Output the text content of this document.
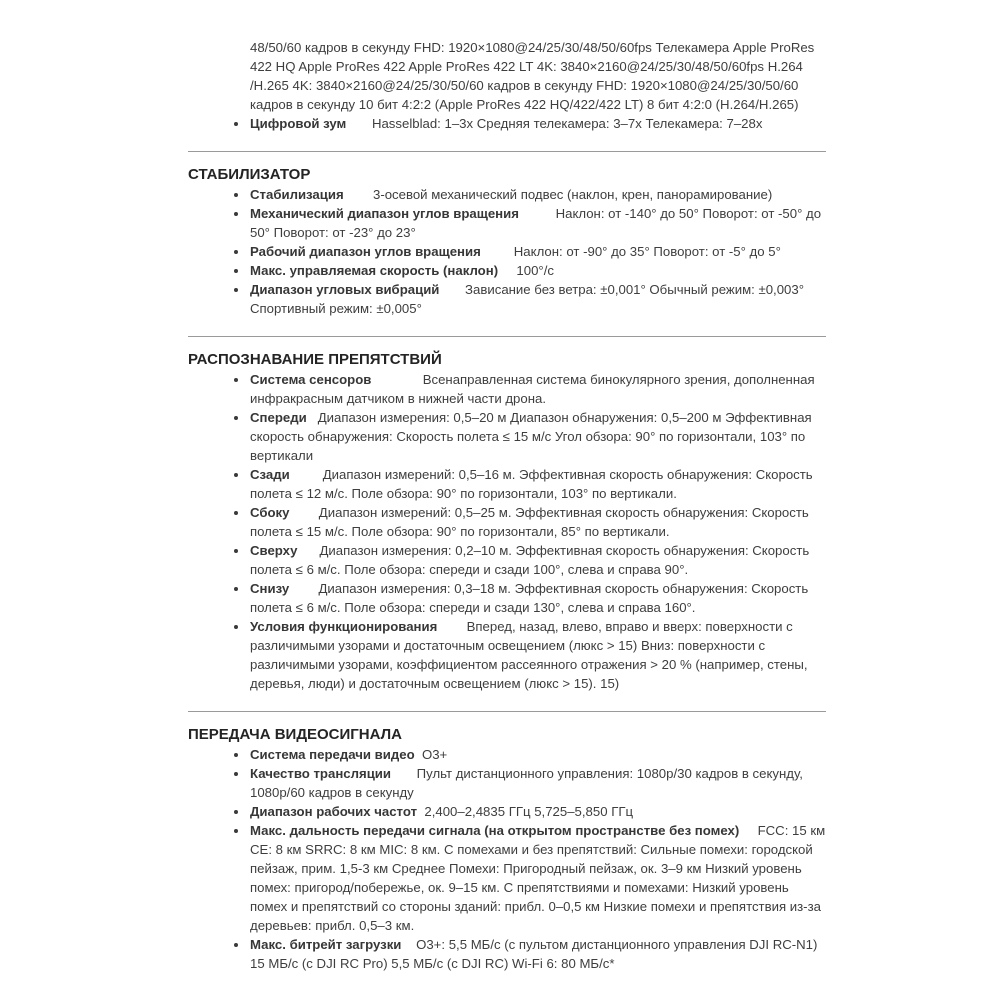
48/50/60 кадров в секунду FHD: 1920×1080@24/25/30/48/50/60fps Телекамера Apple ProRes 422 HQ Apple ProRes 422 Apple ProRes 422 LT 4K: 3840×2160@24/25/30/48/50/60fps H.264 /H.265 4K: 3840×2160@24/25/30/50/60 кадров в секунду FHD: 1920×1080@24/25/30/50/60 кадров в секунду 10 бит 4:2:2 (Apple ProRes 422 HQ/422/422 LT) 8 бит 4:2:0 (H.264/H.265)

Цифровой зум       Hasselblad: 1–3x Средняя телекамера: 3–7x Телекамера: 7–28x
СТАБИЛИЗАТОР
Стабилизация        3-осевой механический подвес (наклон, крен, панорамирование)
Механический диапазон углов вращения          Наклон: от -140° до 50° Поворот: от -50° до 50° Поворот: от -23° до 23°
Рабочий диапазон углов вращения         Наклон: от -90° до 35° Поворот: от -5° до 5°
Макс. управляемая скорость (наклон)     100°/с
Диапазон угловых вибраций       Зависание без ветра: ±0,001° Обычный режим: ±0,003° Спортивный режим: ±0,005°
РАСПОЗНАВАНИЕ ПРЕПЯТСТВИЙ
Система сенсоров              Всенаправленная система бинокулярного зрения, дополненная инфракрасным датчиком в нижней части дрона.
Спереди   Диапазон измерения: 0,5–20 м Диапазон обнаружения: 0,5–200 м Эффективная скорость обнаружения: Скорость полета ≤ 15 м/с Угол обзора: 90° по горизонтали, 103° по вертикали
Сзади         Диапазон измерений: 0,5–16 м. Эффективная скорость обнаружения: Скорость полета ≤ 12 м/с. Поле обзора: 90° по горизонтали, 103° по вертикали.
Сбоку        Диапазон измерений: 0,5–25 м. Эффективная скорость обнаружения: Скорость полета ≤ 15 м/с. Поле обзора: 90° по горизонтали, 85° по вертикали.
Сверху      Диапазон измерения: 0,2–10 м. Эффективная скорость обнаружения: Скорость полета ≤ 6 м/с. Поле обзора: спереди и сзади 100°, слева и справа 90°.
Снизу        Диапазон измерения: 0,3–18 м. Эффективная скорость обнаружения: Скорость полета ≤ 6 м/с. Поле обзора: спереди и сзади 130°, слева и справа 160°.
Условия функционирования        Вперед, назад, влево, вправо и вверх: поверхности с различимыми узорами и достаточным освещением (люкс > 15) Вниз: поверхности с различимыми узорами, коэффициентом рассеянного отражения > 20 % (например, стены, деревья, люди) и достаточным освещением (люкс > 15). 15)
ПЕРЕДАЧА ВИДЕОСИГНАЛА
Система передачи видео  O3+
Качество трансляции       Пульт дистанционного управления: 1080p/30 кадров в секунду, 1080p/60 кадров в секунду
Диапазон рабочих частот  2,400–2,4835 ГГц 5,725–5,850 ГГц
Макс. дальность передачи сигнала (на открытом пространстве без помех)     FCC: 15 км CE: 8 км SRRC: 8 км MIC: 8 км. С помехами и без препятствий: Сильные помехи: городской пейзаж, прим. 1,5-3 км Среднее Помехи: Пригородный пейзаж, ок. 3–9 км Низкий уровень помех: пригород/побережье, ок. 9–15 км. С препятствиями и помехами: Низкий уровень помех и препятствий со стороны зданий: прибл. 0–0,5 км Низкие помехи и препятствия из-за деревьев: прибл. 0,5–3 км.
Макс. битрейт загрузки    O3+: 5,5 МБ/с (с пультом дистанционного управления DJI RC-N1) 15 МБ/с (с DJI RC Pro) 5,5 МБ/с (с DJI RC) Wi-Fi 6: 80 МБ/с*
